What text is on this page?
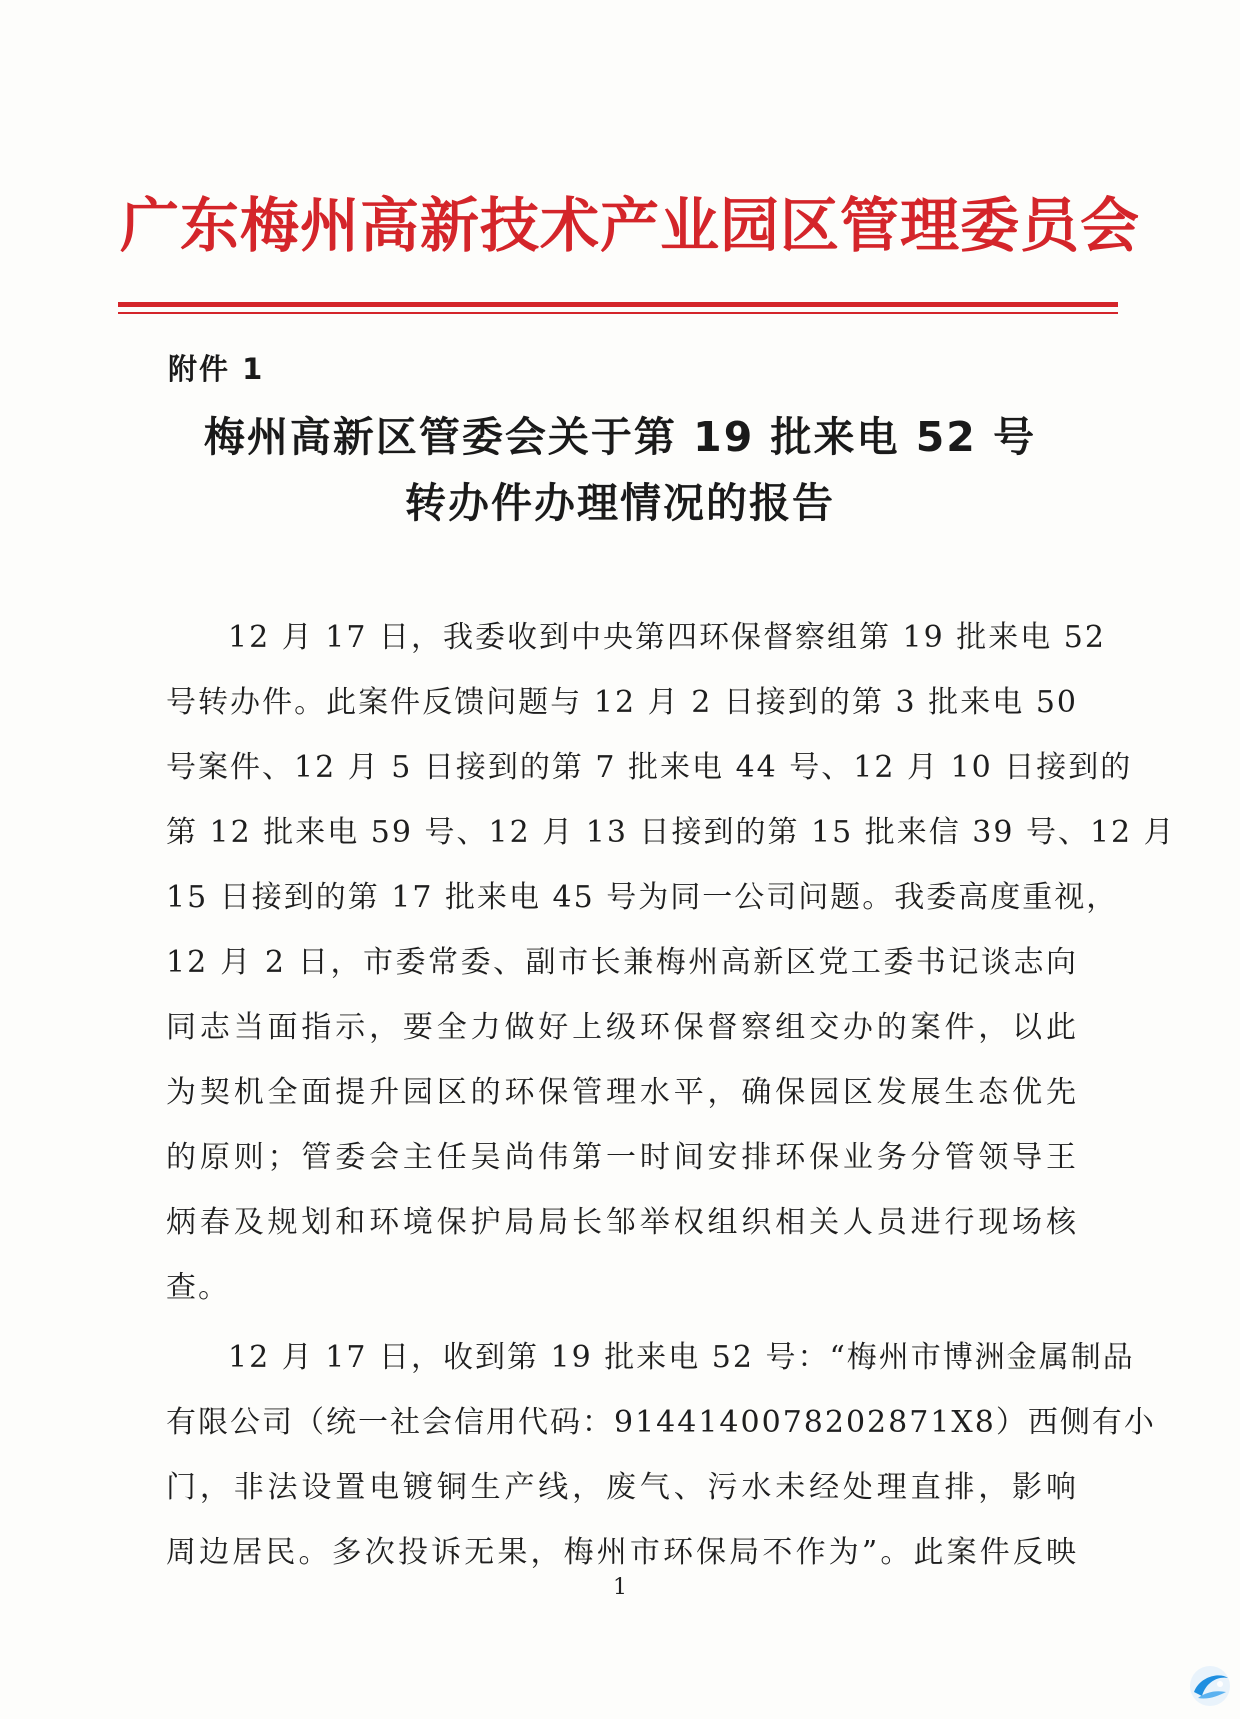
广东梅州高新技术产业园区管理委员会
附件 1
梅州高新区管委会关于第 19 批来电 52 号
转办件办理情况的报告
12 月 17 日，我委收到中央第四环保督察组第 19 批来电 52
号转办件。此案件反馈问题与 12 月 2 日接到的第 3 批来电 50
号案件、12 月 5 日接到的第 7 批来电 44 号、12 月 10 日接到的
第 12 批来电 59 号、12 月 13 日接到的第 15 批来信 39 号、12 月
15 日接到的第 17 批来电 45 号为同一公司问题。我委高度重视，
12 月 2 日，市委常委、副市长兼梅州高新区党工委书记谈志向
同志当面指示，要全力做好上级环保督察组交办的案件，以此
为契机全面提升园区的环保管理水平，确保园区发展生态优先
的原则；管委会主任吴尚伟第一时间安排环保业务分管领导王
炳春及规划和环境保护局局长邹举权组织相关人员进行现场核
查。
12 月 17 日，收到第 19 批来电 52 号：“梅州市博洲金属制品
有限公司（统一社会信用代码：9144140078202871X8）西侧有小
门，非法设置电镀铜生产线，废气、污水未经处理直排，影响
周边居民。多次投诉无果，梅州市环保局不作为”。此案件反映
1
